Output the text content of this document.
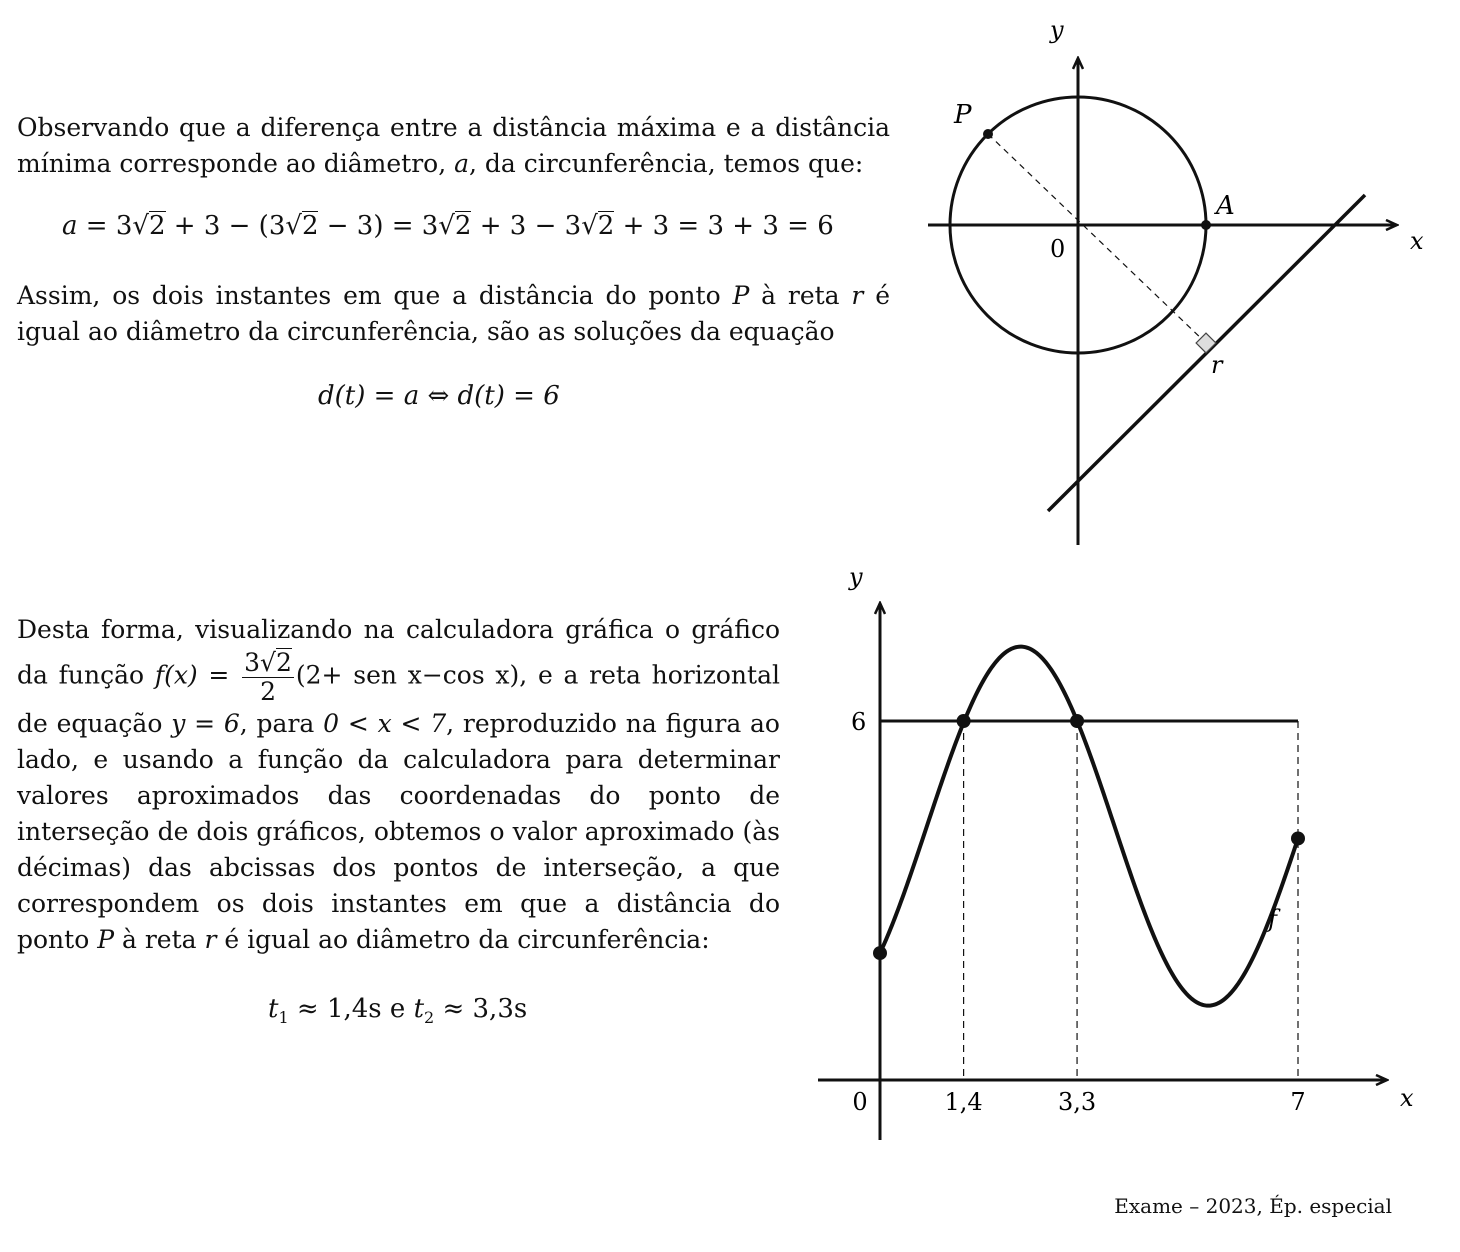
Observando que a diferença entre a distância máxima e a distância mínima corresponde ao diâmetro, a, da circunferência, temos que:

a = 3√2 + 3 − (3√2 − 3) = 3√2 + 3 − 3√2 + 3 = 3 + 3 = 6

Assim, os dois instantes em que a distância do ponto P à reta r é igual ao diâmetro da circunferência, são as soluções da equação

d(t) = a ⇔ d(t) = 6

Desta forma, visualizando na calculadora gráfica o gráfico da função $f(x) = \frac{3√2}{2} (2+$ sen x−cos x), e a reta horizontal de equação y = 6, para 0 < x < 7, reproduzido na figura ao lado, e usando a função da calculadora para determinar valores aproximados das coordenadas do ponto de interseção de dois gráficos, obtemos o valor aproximado (às décimas) das abcissas dos pontos de interseção, a que correspondem os dois instantes em que a distância do ponto P à reta r é igual ao diâmetro da circunferência:

$t_1 \approx 1,4s$ e $t_2 \approx 3,3s$
y
x
0
P
A
r
y
x
6
0	1,4	3,3	7
f
Exame – 2023, Ép. especial
